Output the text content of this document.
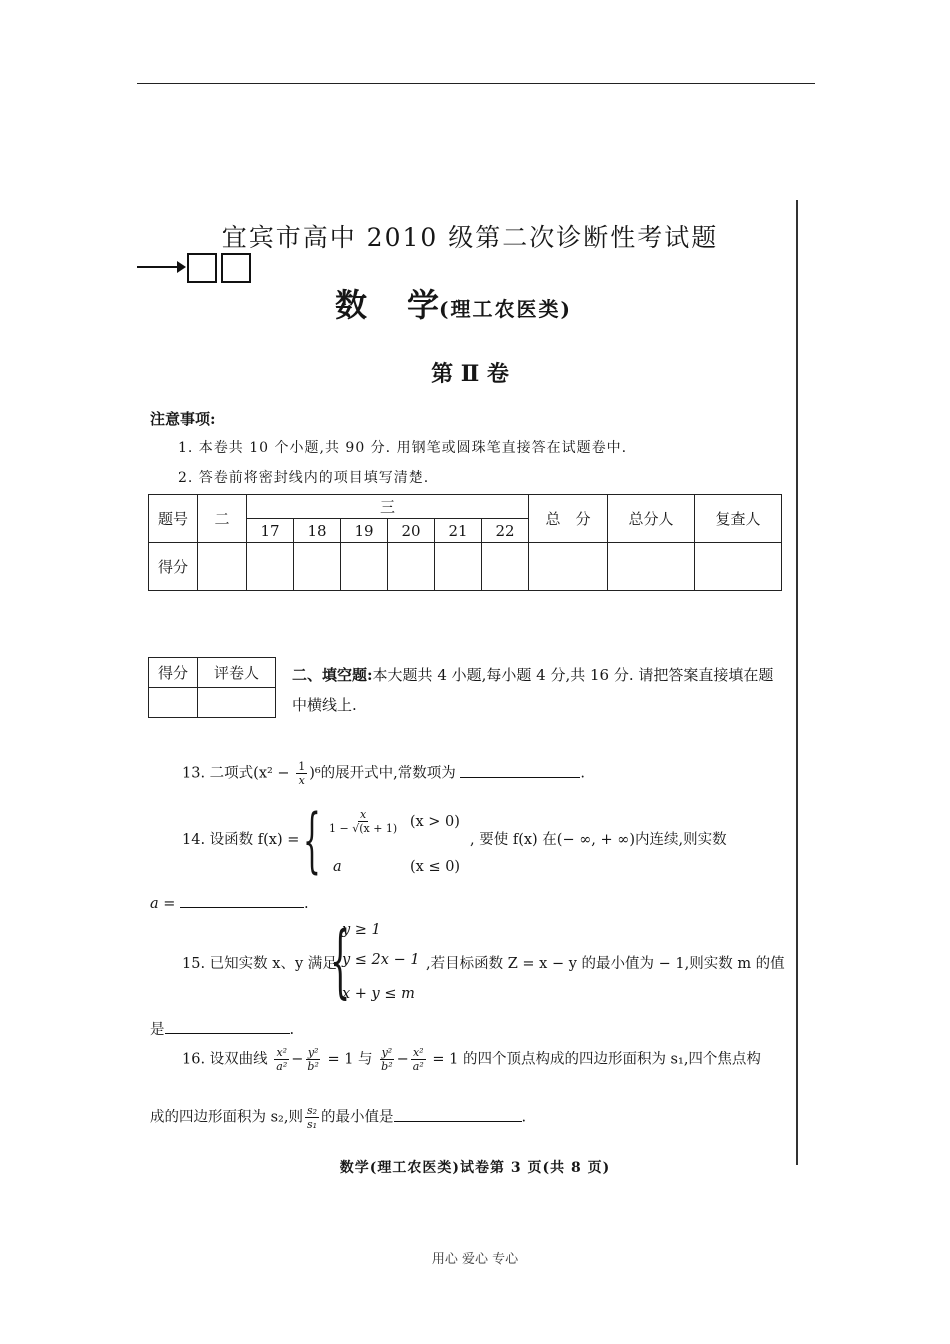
宜宾市高中 2010 级第二次诊断性考试题
数 学(理工农医类)
第 Ⅱ 卷
注意事项:
1. 本卷共 10 个小题,共 90 分. 用钢笔或圆珠笔直接答在试题卷中.
2. 答卷前将密封线内的项目填写清楚.
题号	二	三						总　分	总分人	复查人
		17	18	19	20	21	22			
得分										
得分	评卷人
	二、填空题:本大题共 4 小题,每小题 4 分,共 16 分. 请把答案直接填在题中横线上.
13. 二项式$(x^2 - \frac{1}{x} )^6$的展开式中,常数项为	.
14. 设函数 f(x) = { $\frac{x}{1 - √(x + 1)} (x > 0)$
a	(x ≤ 0)
, 要使 f(x) 在(− ∞, + ∞)内连续,则实数
a =	.
15. 已知实数 x、y 满足
{
y ≥ 1
y ≤ 2x − 1
x + y ≤ m
,若目标函数 Z = x − y 的最小值为 − 1,则实数 m 的值
是	.
16. 设双曲线 $\frac{\text{x²}}{\text{a²}} - \frac{\text{y²}}{\text{b²}} = 1$ 与 $\frac{\text{y²}}{\text{b²}} - \frac{\text{x²}}{\text{a²}} = 1$ 的四个顶点构成的四边形面积为 s₁,四个焦点构
成的四边形面积为 s₂,则 $\frac{\text{s₂}}{\text{s₁}}$ 的最小值是	.
数学(理工农医类)试卷第 3 页(共 8 页)
用心 爱心 专心
